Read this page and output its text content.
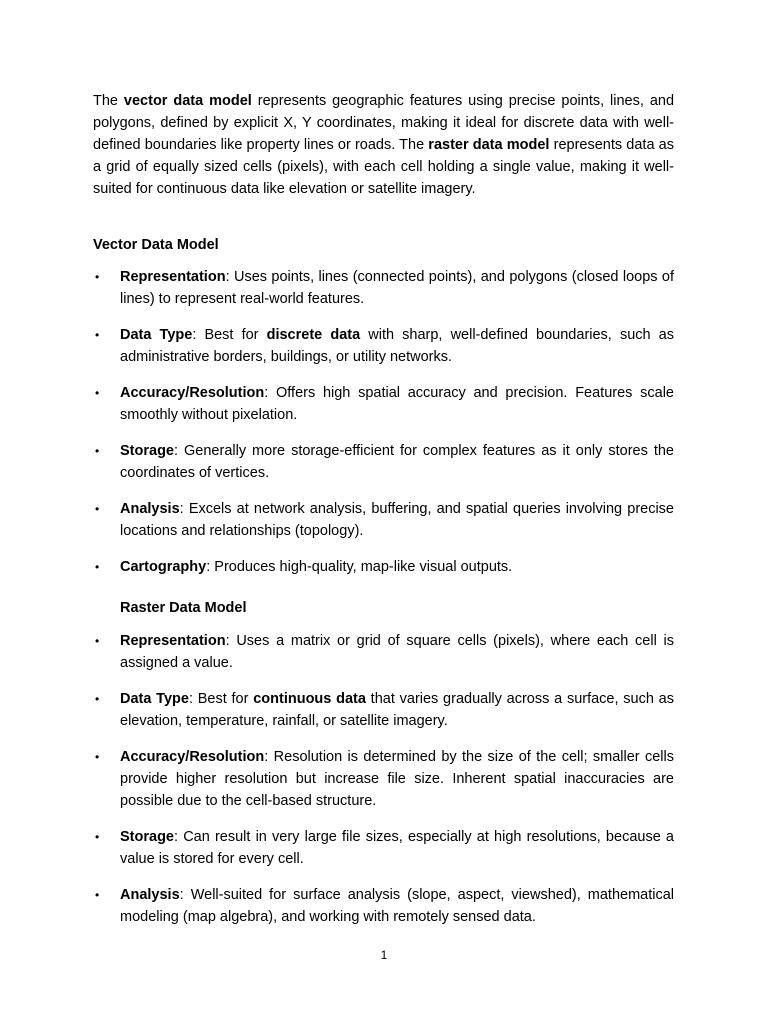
The vector data model represents geographic features using precise points, lines, and polygons, defined by explicit X, Y coordinates, making it ideal for discrete data with well-defined boundaries like property lines or roads. The raster data model represents data as a grid of equally sized cells (pixels), with each cell holding a single value, making it well-suited for continuous data like elevation or satellite imagery.

Vector Data Model

• Representation: Uses points, lines (connected points), and polygons (closed loops of lines) to represent real-world features.
• Data Type: Best for discrete data with sharp, well-defined boundaries, such as administrative borders, buildings, or utility networks.
• Accuracy/Resolution: Offers high spatial accuracy and precision. Features scale smoothly without pixelation.
• Storage: Generally more storage-efficient for complex features as it only stores the coordinates of vertices.
• Analysis: Excels at network analysis, buffering, and spatial queries involving precise locations and relationships (topology).
• Cartography: Produces high-quality, map-like visual outputs.

Raster Data Model

• Representation: Uses a matrix or grid of square cells (pixels), where each cell is assigned a value.
• Data Type: Best for continuous data that varies gradually across a surface, such as elevation, temperature, rainfall, or satellite imagery.
• Accuracy/Resolution: Resolution is determined by the size of the cell; smaller cells provide higher resolution but increase file size. Inherent spatial inaccuracies are possible due to the cell-based structure.
• Storage: Can result in very large file sizes, especially at high resolutions, because a value is stored for every cell.
• Analysis: Well-suited for surface analysis (slope, aspect, viewshed), mathematical modeling (map algebra), and working with remotely sensed data.
1
